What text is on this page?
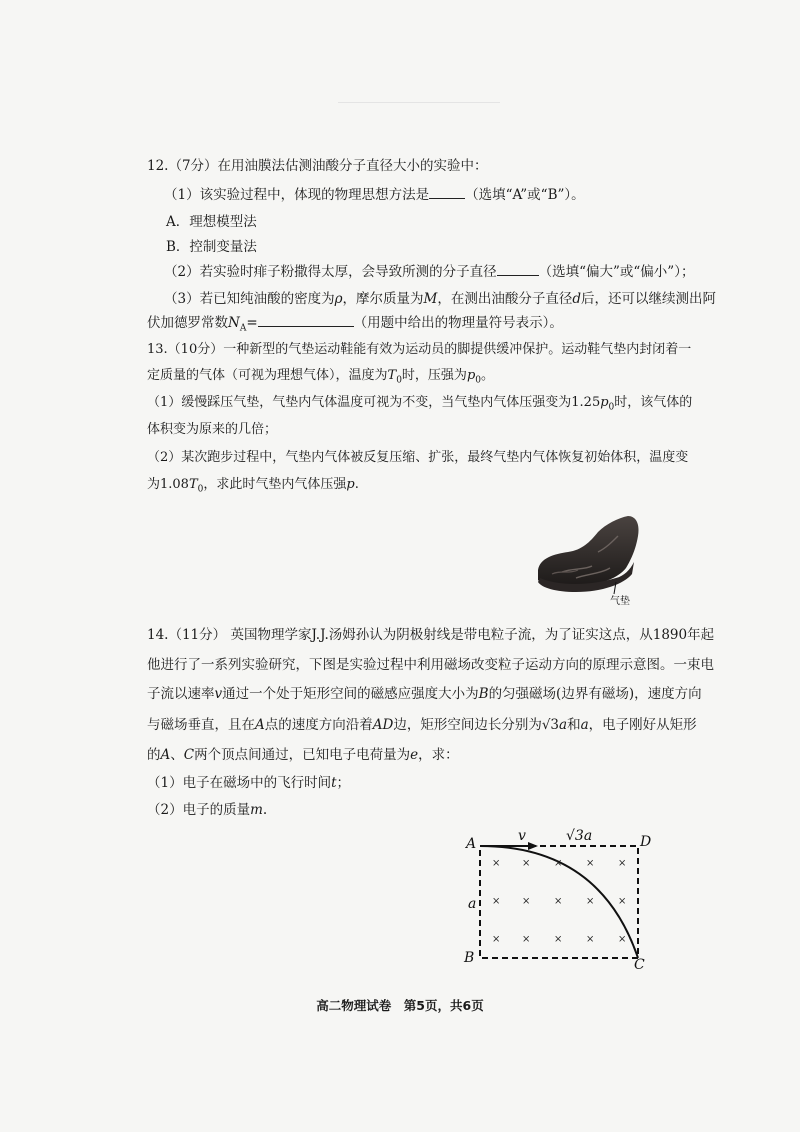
12.（7分）在用油膜法估测油酸分子直径大小的实验中：
（1）该实验过程中，体现的物理思想方法是	（选填“A”或“B”）。
A．理想模型法
B．控制变量法
（2）若实验时痱子粉撒得太厚，会导致所测的分子直径	（选填“偏大”或“偏小”）；
（3）若已知纯油酸的密度为ρ，摩尔质量为M，在测出油酸分子直径d后，还可以继续测出阿
伏加德罗常数$N_A=$	（用题中给出的物理量符号表示）。
13.（10分）一种新型的气垫运动鞋能有效为运动员的脚提供缓冲保护。运动鞋气垫内封闭着一
定质量的气体（可视为理想气体），温度为$T_0$时，压强为$p_0$。
（1）缓慢踩压气垫，气垫内气体温度可视为不变，当气垫内气体压强变为$1.25p_0$时，该气体的
体积变为原来的几倍；
（2）某次跑步过程中，气垫内气体被反复压缩、扩张，最终气垫内气体恢复初始体积，温度变
为$1.08T_0$，求此时气垫内气体压强p.
气垫
14.（11分） 英国物理学家J.J.汤姆孙认为阴极射线是带电粒子流，为了证实这点，从1890年起
他进行了一系列实验研究，下图是实验过程中利用磁场改变粒子运动方向的原理示意图。一束电
子流以速率v通过一个处于矩形空间的磁感应强度大小为B的匀强磁场(边界有磁场)，速度方向
与磁场垂直，且在A点的速度方向沿着AD边，矩形空间边长分别为√3a和a，电子刚好从矩形
的A、C两个顶点间通过，已知电子电荷量为e，求：
（1）电子在磁场中的飞行时间t；
（2）电子的质量m.
× × × × ×
× × × × ×
× × × × ×
A
B	C
D
v	√3a
a
高二物理试卷　第5页，共6页
